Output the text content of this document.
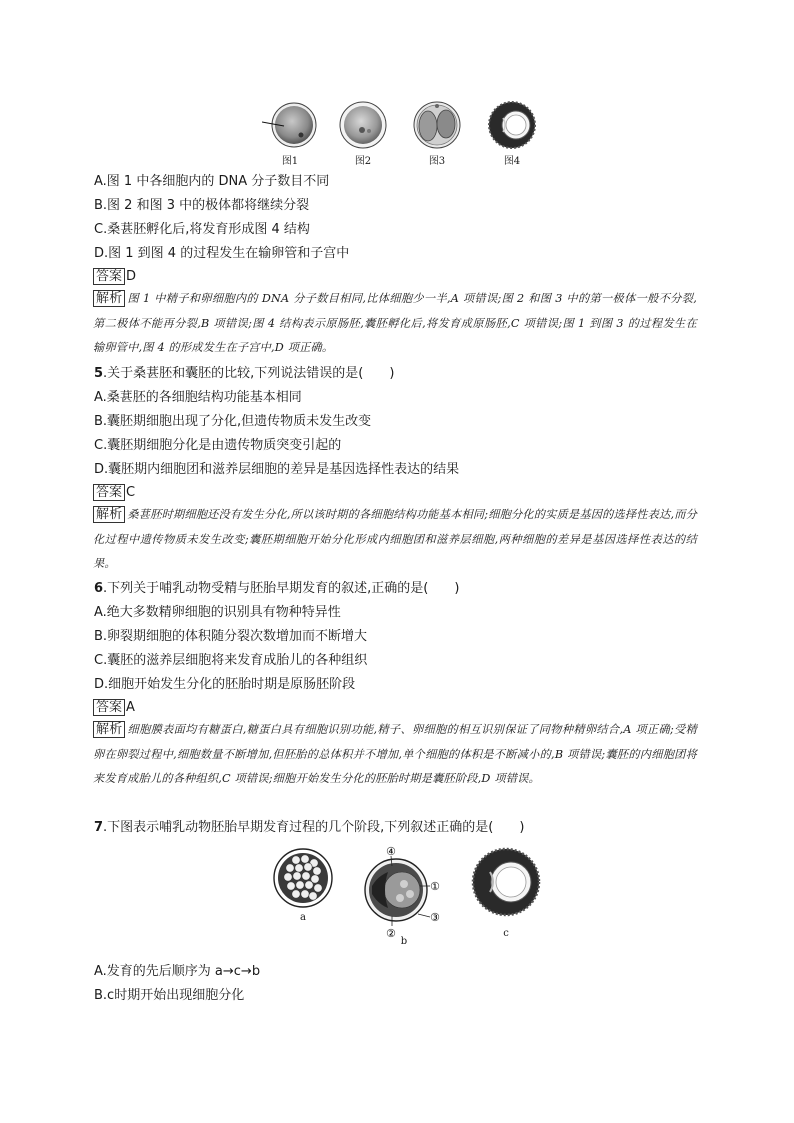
图1	图2	图3	图4
A.图 1 中各细胞内的 DNA 分子数目不同
B.图 2 和图 3 中的极体都将继续分裂
C.桑葚胚孵化后,将发育形成图 4 结构
D.图 1 到图 4 的过程发生在输卵管和子宫中
答案 D
解析 图 1 中精子和卵细胞内的 DNA 分子数目相同,比体细胞少一半,A 项错误;图 2 和图 3 中的第一极体一般不分裂,第二极体不能再分裂,B 项错误;图 4 结构表示原肠胚,囊胚孵化后,将发育成原肠胚,C 项错误;图 1 到图 3 的过程发生在输卵管中,图 4 的形成发生在子宫中,D 项正确。
5.关于桑葚胚和囊胚的比较,下列说法错误的是( )
A.桑葚胚的各细胞结构功能基本相同
B.囊胚期细胞出现了分化,但遗传物质未发生改变
C.囊胚期细胞分化是由遗传物质突变引起的
D.囊胚期内细胞团和滋养层细胞的差异是基因选择性表达的结果
答案 C
解析 桑葚胚时期细胞还没有发生分化,所以该时期的各细胞结构功能基本相同;细胞分化的实质是基因的选择性表达,而分化过程中遗传物质未发生改变;囊胚期细胞开始分化形成内细胞团和滋养层细胞,两种细胞的差异是基因选择性表达的结果。
6.下列关于哺乳动物受精与胚胎早期发育的叙述,正确的是( )
A.绝大多数精卵细胞的识别具有物种特异性
B.卵裂期细胞的体积随分裂次数增加而不断增大
C.囊胚的滋养层细胞将来发育成胎儿的各种组织
D.细胞开始发生分化的胚胎时期是原肠胚阶段
答案 A
解析 细胞膜表面均有糖蛋白,糖蛋白具有细胞识别功能,精子、卵细胞的相互识别保证了同物种精卵结合,A 项正确;受精卵在卵裂过程中,细胞数量不断增加,但胚胎的总体积并不增加,单个细胞的体积是不断减小的,B 项错误;囊胚的内细胞团将来发育成胎儿的各种组织,C 项错误;细胞开始发生分化的胚胎时期是囊胚阶段,D 项错误。
7.下图表示哺乳动物胚胎早期发育过程的几个阶段,下列叙述正确的是( )
a
④
①
③
②
b
c
A.发育的先后顺序为 a→c→b
B.c时期开始出现细胞分化
